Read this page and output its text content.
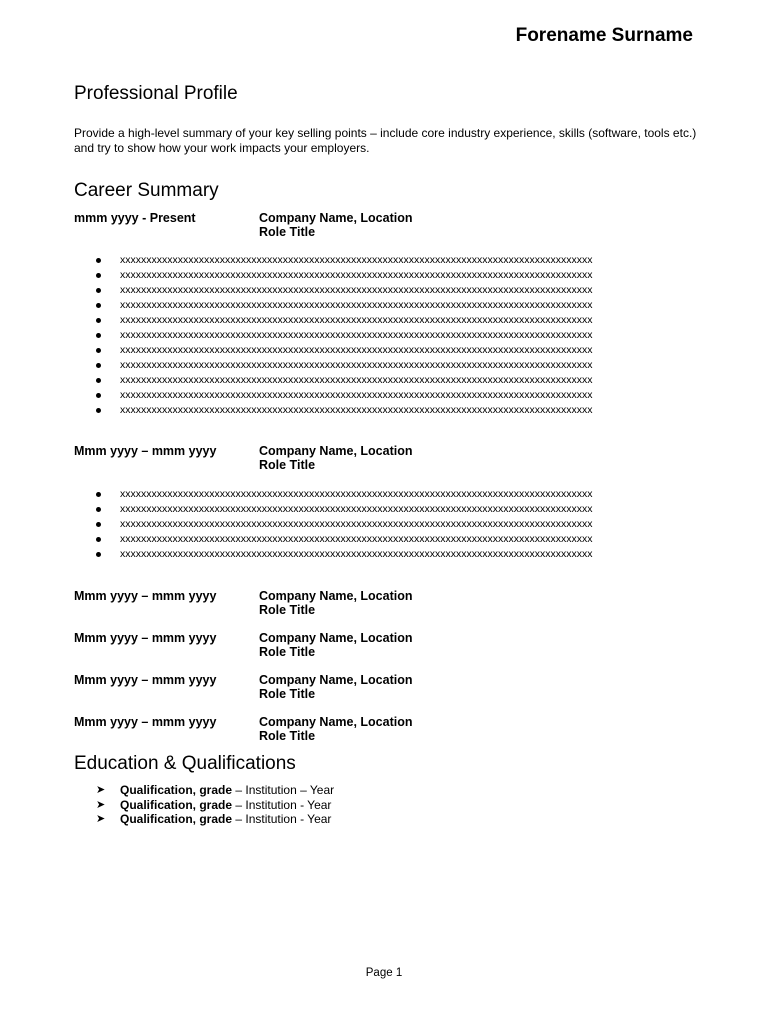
Forename Surname
Professional Profile
Provide a high-level summary of your key selling points – include core industry experience, skills (software, tools etc.) and try to show how your work impacts your employers.
Career Summary
mmm yyyy - Present	Company Name, Location
Role Title
xxxxxxxxxxxxxxxxxxxxxxxxxxxxxxxxxxxxxxxxxxxxxxxxxxxxxxxxxxxxxxxxxxxxxxxxxxxxxxxxxxxxxxxxxx
xxxxxxxxxxxxxxxxxxxxxxxxxxxxxxxxxxxxxxxxxxxxxxxxxxxxxxxxxxxxxxxxxxxxxxxxxxxxxxxxxxxxxxxxxx
xxxxxxxxxxxxxxxxxxxxxxxxxxxxxxxxxxxxxxxxxxxxxxxxxxxxxxxxxxxxxxxxxxxxxxxxxxxxxxxxxxxxxxxxxx
xxxxxxxxxxxxxxxxxxxxxxxxxxxxxxxxxxxxxxxxxxxxxxxxxxxxxxxxxxxxxxxxxxxxxxxxxxxxxxxxxxxxxxxxxx
xxxxxxxxxxxxxxxxxxxxxxxxxxxxxxxxxxxxxxxxxxxxxxxxxxxxxxxxxxxxxxxxxxxxxxxxxxxxxxxxxxxxxxxxxx
xxxxxxxxxxxxxxxxxxxxxxxxxxxxxxxxxxxxxxxxxxxxxxxxxxxxxxxxxxxxxxxxxxxxxxxxxxxxxxxxxxxxxxxxxx
xxxxxxxxxxxxxxxxxxxxxxxxxxxxxxxxxxxxxxxxxxxxxxxxxxxxxxxxxxxxxxxxxxxxxxxxxxxxxxxxxxxxxxxxxx
xxxxxxxxxxxxxxxxxxxxxxxxxxxxxxxxxxxxxxxxxxxxxxxxxxxxxxxxxxxxxxxxxxxxxxxxxxxxxxxxxxxxxxxxxx
xxxxxxxxxxxxxxxxxxxxxxxxxxxxxxxxxxxxxxxxxxxxxxxxxxxxxxxxxxxxxxxxxxxxxxxxxxxxxxxxxxxxxxxxxx
xxxxxxxxxxxxxxxxxxxxxxxxxxxxxxxxxxxxxxxxxxxxxxxxxxxxxxxxxxxxxxxxxxxxxxxxxxxxxxxxxxxxxxxxxx
xxxxxxxxxxxxxxxxxxxxxxxxxxxxxxxxxxxxxxxxxxxxxxxxxxxxxxxxxxxxxxxxxxxxxxxxxxxxxxxxxxxxxxxxxx
Mmm yyyy – mmm yyyy	Company Name, Location
Role Title
xxxxxxxxxxxxxxxxxxxxxxxxxxxxxxxxxxxxxxxxxxxxxxxxxxxxxxxxxxxxxxxxxxxxxxxxxxxxxxxxxxxxxxxxxx
xxxxxxxxxxxxxxxxxxxxxxxxxxxxxxxxxxxxxxxxxxxxxxxxxxxxxxxxxxxxxxxxxxxxxxxxxxxxxxxxxxxxxxxxxx
xxxxxxxxxxxxxxxxxxxxxxxxxxxxxxxxxxxxxxxxxxxxxxxxxxxxxxxxxxxxxxxxxxxxxxxxxxxxxxxxxxxxxxxxxx
xxxxxxxxxxxxxxxxxxxxxxxxxxxxxxxxxxxxxxxxxxxxxxxxxxxxxxxxxxxxxxxxxxxxxxxxxxxxxxxxxxxxxxxxxx
xxxxxxxxxxxxxxxxxxxxxxxxxxxxxxxxxxxxxxxxxxxxxxxxxxxxxxxxxxxxxxxxxxxxxxxxxxxxxxxxxxxxxxxxxx
Mmm yyyy – mmm yyyy	Company Name, Location
Role Title
Mmm yyyy – mmm yyyy	Company Name, Location
Role Title
Mmm yyyy – mmm yyyy	Company Name, Location
Role Title
Mmm yyyy – mmm yyyy	Company Name, Location
Role Title
Education & Qualifications
➤ Qualification, grade – Institution – Year
➤ Qualification, grade – Institution - Year
➤ Qualification, grade – Institution - Year
Page 1
